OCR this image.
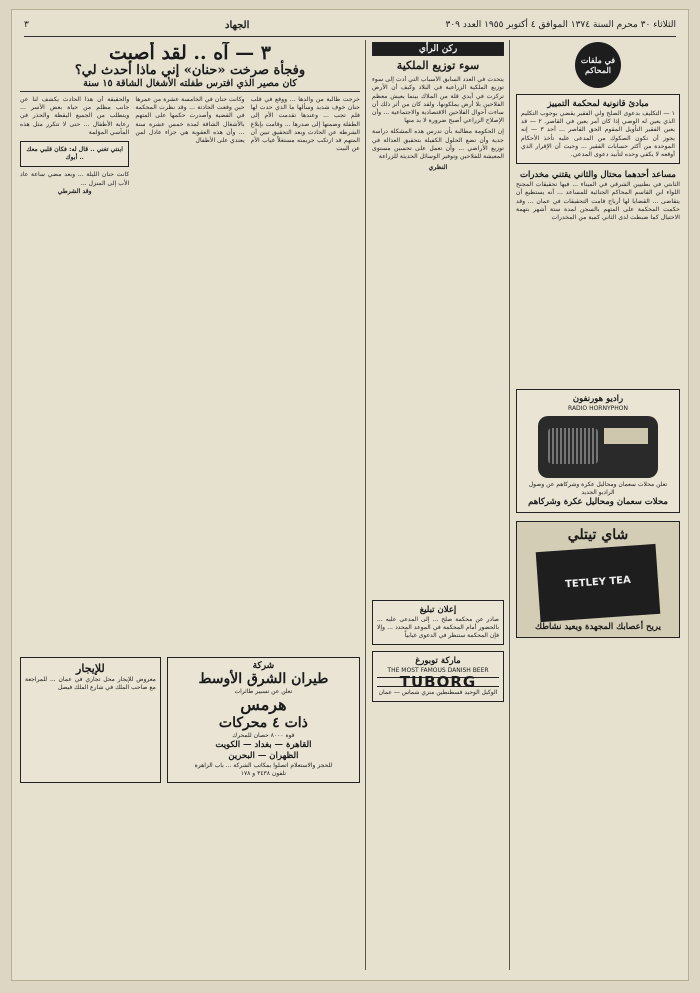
الثلاثاء ٣٠ محرم السنة ١٣٧٤ الموافق ٤ أكتوبر ١٩٥٥ العدد ٣٠٩
الجهاد
٣
في ملفات المحاكم
مبادئ قانونية لمحكمة التمييز
١ — التكليف بدعوى الصلح ولي الفقير يقضي بوجوب التكليم الذي يعين له الوصي إذا كان أمر يعين في القاصر. ٢ — قد يعين الفقير التأويل المقوم الحق القاصر ... أحد ٣ — إنه يجوز أن تكون الصكوك من المدعى عليه تأخذ الأحكام الموحدة من أكثر حسابات الفقير ... وحيث أن الإقرار الذي أوقعه لا يكفي وحده لتأبيد دعوى المدعي.
مساعد أحدهما محتال والثاني يقتني مخدرات
الثابتي في بطنيين الشرقي في الميناء ... فيها تحقيقات المجنح اللواء ابن القاسم المحاكم الجنائية للمساعد ... أنه يستطيع أن يتقاضى ... القضايا لها أرباح قامت التحقيقات في عمان ... وقد حكمت المحكمة على المتهم بالسجن لمدة ستة أشهر بتهمة الاحتيال كما ضبطت لدى الثاني كمية من المخدرات
راديو هورنفون
RADIO HORNYPHON
تعلن محلات سعمان ومحاليل عكرة وشركاهم عن وصول الراديو الجديد
محلات سعمان ومحاليل عكرة وشركاهم
شاي تيتلي
TETLEY TEA
يريح أعصابك المجهدة ويعيد نشاطك
ركن الرأي
سوء توزيع الملكية

يتحدث في العدد السابق الأسباب التي أدت إلى سوء توزيع الملكية الزراعية في البلاد وكيف أن الأرض تركزت في أيدي قلة من الملاك بينما يعيش معظم الفلاحين بلا أرض يملكونها. ولقد كان من أثر ذلك أن ساءت أحوال الفلاحين الاقتصادية والاجتماعية ... وأن الإصلاح الزراعي أصبح ضرورة لا بد منها

إن الحكومة مطالبة بأن تدرس هذه المشكلة دراسة جدية وأن تضع الحلول الكفيلة بتحقيق العدالة في توزيع الأراضي ... وأن تعمل على تحسين مستوى المعيشة للفلاحين وتوفير الوسائل الحديثة للزراعة

النظري

إعلان تبليغ
صادر عن محكمة صلح ... إلى المدعى عليه ... بالحضور أمام المحكمة في الموعد المحدد ... وإلا فإن المحكمة ستنظر في الدعوى غيابياً
ماركة توبورغ
THE MOST FAMOUS DANISH BEER
TUBORG
الوكيل الوحيد قسطنطين متري شماس — عمان
٣ — آه .. لقد أصبت
وفجأة صرخت «حنان» إني ماذا أحدث لي؟
كان مصير الذي افترس طفلته الأشغال الشاقة ١٥ سنة
خرجت طالبة من والدها ... ووقع في قلب حنان خوف شديد وسألها ما الذي حدث لها فلم تجب ... وعندها تقدمت الأم إلى الطفلة وضمتها إلى صدرها ... وقامت بإبلاغ الشرطة عن الحادث وبعد التحقيق تبين أن المتهم قد ارتكب جريمته مستغلاً غياب الأم عن البيت
وكانت حنان في الخامسة عشرة من عمرها حين وقعت الحادثة ... وقد نظرت المحكمة في القضية وأصدرت حكمها على المتهم بالأشغال الشاقة لمدة خمس عشرة سنة ... وأن هذه العقوبة هي جزاء عادل لمن يعتدي على الأطفال
والحقيقة أن هذا الحادث يكشف لنا عن جانب مظلم من حياة بعض الأسر ... ويتطلب من الجميع اليقظة والحذر في رعاية الأطفال ... حتى لا تتكرر مثل هذه المآسي المؤلمة
ابنتي تغني .. قال له: فكان قلبي معك .. أبوك
كانت حنان الليلة ... وبعد مضي ساعة عاد الأب إلى المنزل ...
وقد الشرطي
شركة
طيران الشرق الأوسط
تعلن عن تسيير طائرات
هرمس
ذات ٤ محركات
قوة ٨٠٠٠ حصان للمحرك
القاهرة — بغداد — الكويت
الظهران — البحرين
للحجز والاستعلام اتصلوا بمكاتب الشركة ... باب الزاهرة
تلفون ٣٤٣٨ و ١٧٨
للإيجار
معروض للإيجار محل تجاري في عمان ... للمراجعة مع صاحب الملك في شارع الملك فيصل
